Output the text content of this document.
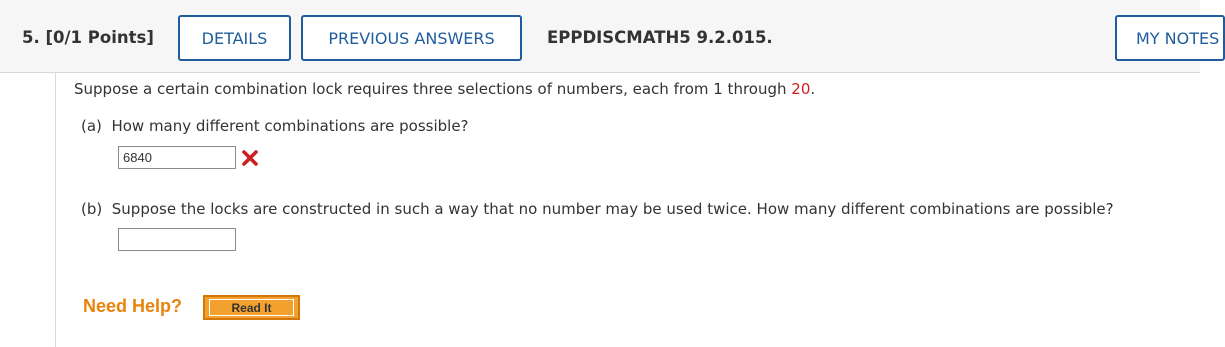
5. [0/1 Points]	DETAILS	PREVIOUS ANSWERS	EPPDISCMATH5 9.2.015.	MY NOTES
Suppose a certain combination lock requires three selections of numbers, each from 1 through 20.
(a) How many different combinations are possible?
6840
(b) Suppose the locks are constructed in such a way that no number may be used twice. How many different combinations are possible?
Need Help?	Read It
